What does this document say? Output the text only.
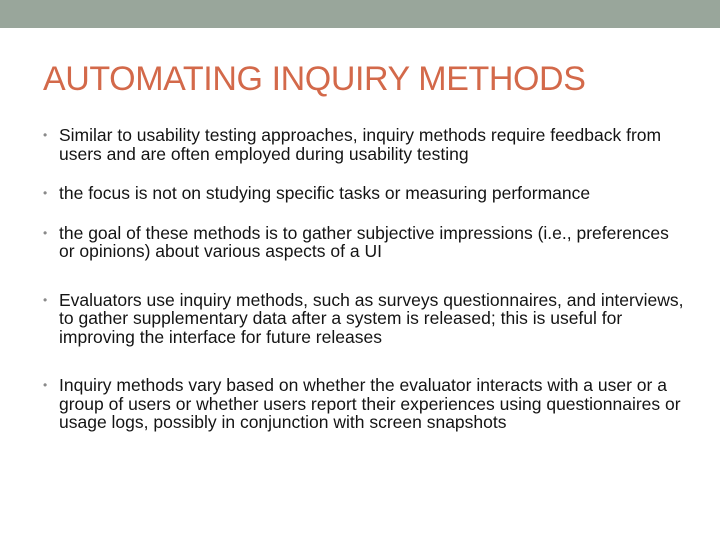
AUTOMATING INQUIRY METHODS
• Similar to usability testing approaches, inquiry methods require feedback from users and are often employed during usability testing
• the focus is not on studying specific tasks or measuring performance
• the goal of these methods is to gather subjective impressions (i.e., preferences or opinions) about various aspects of a UI
• Evaluators use inquiry methods, such as surveys questionnaires, and interviews, to gather supplementary data after a system is released; this is useful for improving the interface for future releases
• Inquiry methods vary based on whether the evaluator interacts with a user or a group of users or whether users report their experiences using questionnaires or usage logs, possibly in conjunction with screen snapshots
